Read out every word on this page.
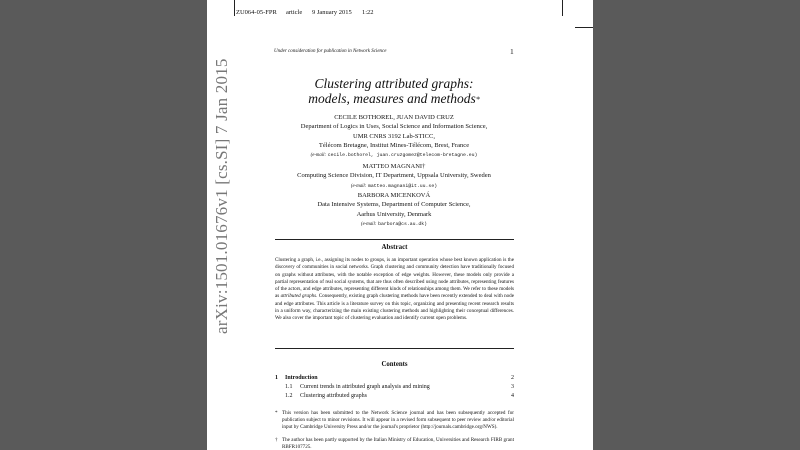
ZU064-05-FPR article 9 January 2015 1:22
arXiv:1501.01676v1 [cs.SI] 7 Jan 2015
Under consideration for publication in Network Science	1
Clustering attributed graphs:
models, measures and methods*
CECILE BOTHOREL, JUAN DAVID CRUZ
Department of Logics in Uses, Social Science and Information Science,
UMR CNRS 3192 Lab-STICC,
Télécom Bretagne, Institut Mines-Télécom, Brest, France
(e-mail: cecile.bothorel, juan.cruzgomez@telecom-bretagne.eu)
MATTEO MAGNANI†
Computing Science Division, IT Department, Uppsala University, Sweden
(e-mail: matteo.magnani@it.uu.se)
BARBORA MICENKOVÁ
Data Intensive Systems, Department of Computer Science,
Aarhus University, Denmark
(e-mail: barbora@cs.au.dk)
Abstract
Clustering a graph, i.e., assigning its nodes to groups, is an important operation whose best known application is the discovery of communities in social networks. Graph clustering and community detection have traditionally focused on graphs without attributes, with the notable exception of edge weights. However, these models only provide a partial representation of real social systems, that are thus often described using node attributes, representing features of the actors, and edge attributes, representing different kinds of relationships among them. We refer to these models as attributed graphs. Consequently, existing graph clustering methods have been recently extended to deal with node and edge attributes. This article is a literature survey on this topic, organizing and presenting recent research results in a uniform way, characterizing the main existing clustering methods and highlighting their conceptual differences. We also cover the important topic of clustering evaluation and identify current open problems.
Contents
1 Introduction	2
1.1 Current trends in attributed graph analysis and mining	3
1.2 Clustering attributed graphs	4
* This version has been submitted to the Network Science journal and has been subsequently accepted for publication subject to minor revisions. It will appear in a revised form subsequent to peer review and/or editorial input by Cambridge University Press and/or the journal's proprietor (http://journals.cambridge.org/NWS).
† The author has been partly supported by the Italian Ministry of Education, Universities and Research FIRB grant RBFR107725.
